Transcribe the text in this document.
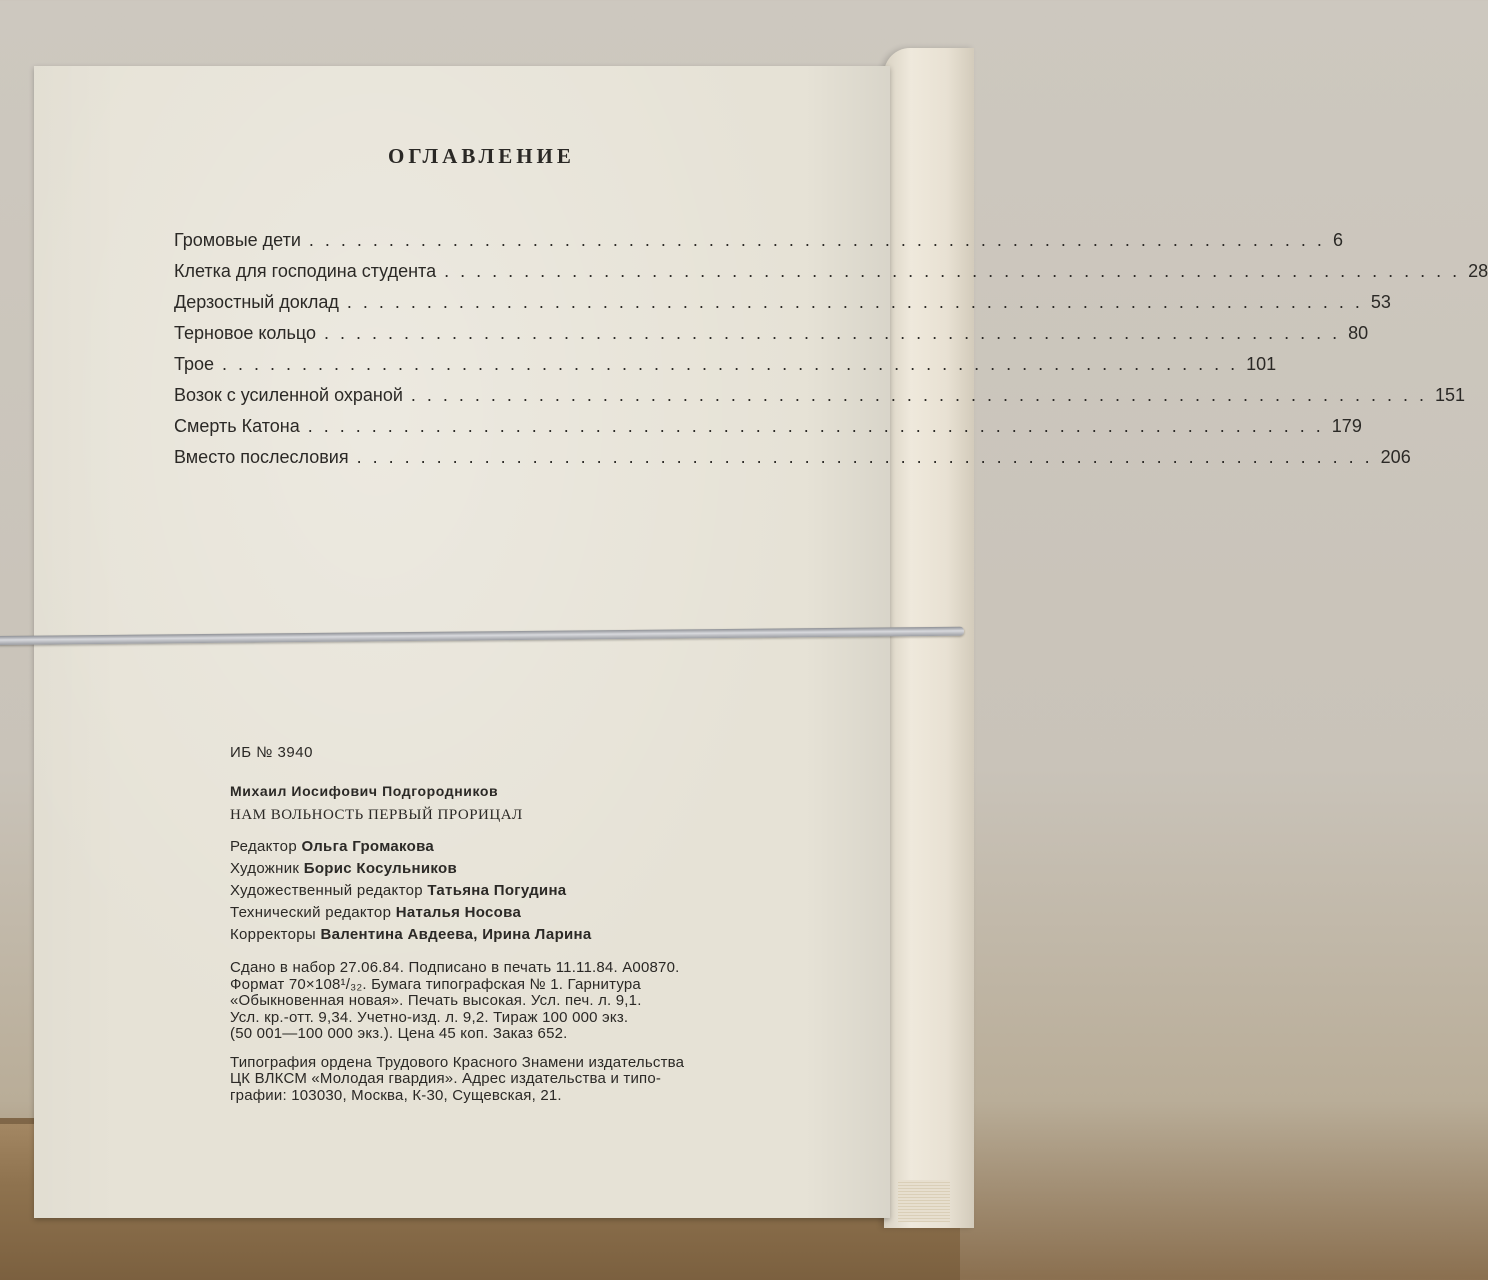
ОГЛАВЛЕНИЕ
Громовые дети ................................................................ 6
Клетка для господина студента ................................................................ 28
Дерзостный доклад ................................................................ 53
Терновое кольцо ................................................................ 80
Трое ................................................................ 101
Возок с усиленной охраной ................................................................ 151
Смерть Катона ................................................................ 179
Вместо послесловия ................................................................ 206
ИБ № 3940
Михаил Иосифович Подгородников
НАМ ВОЛЬНОСТЬ ПЕРВЫЙ ПРОРИЦАЛ
Редактор Ольга Громакова
Художник Борис Косульников
Художественный редактор Татьяна Погудина
Технический редактор Наталья Носова
Корректоры Валентина Авдеева, Ирина Ларина
Сдано в набор 27.06.84. Подписано в печать 11.11.84. А00870.
Формат 70×108¹/₃₂. Бумага типографская № 1. Гарнитура
«Обыкновенная новая». Печать высокая. Усл. печ. л. 9,1.
Усл. кр.-отт. 9,34. Учетно-изд. л. 9,2. Тираж 100 000 экз.
(50 001—100 000 экз.). Цена 45 коп. Заказ 652.
Типография ордена Трудового Красного Знамени издательства
ЦК ВЛКСМ «Молодая гвардия». Адрес издательства и типо-
графии: 103030, Москва, К-30, Сущевская, 21.
